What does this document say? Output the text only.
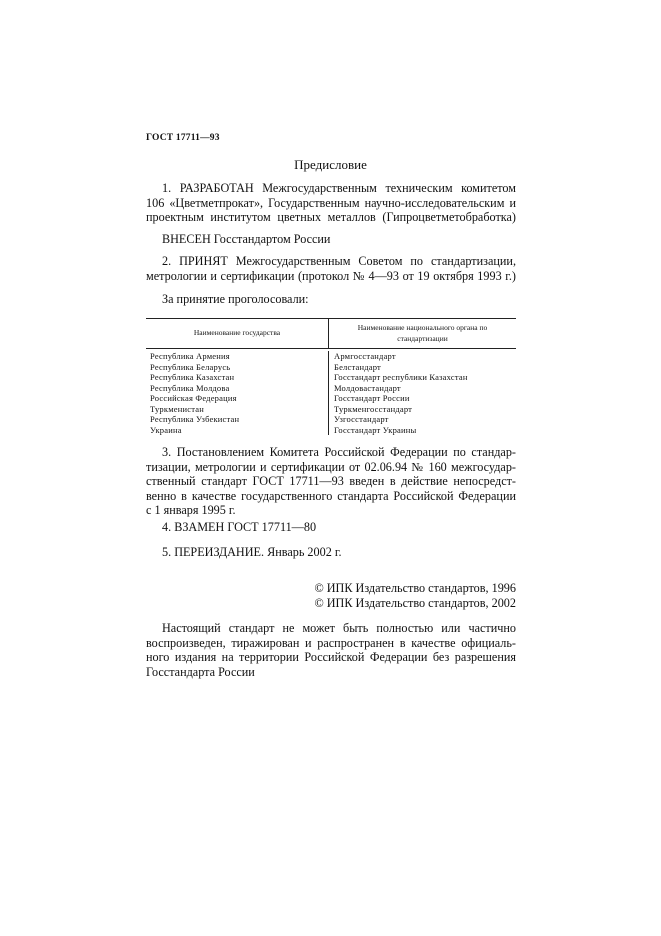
ГОСТ 17711—93
Предисловие
1. РАЗРАБОТАН Межгосударственным техническим комитетом
106 «Цветметпрокат», Государственным научно-исследовательским и
проектным институтом цветных металлов (Гипроцветметобработка)
ВНЕСЕН Госстандартом России
2. ПРИНЯТ Межгосударственным Советом по стандартизации,
метрологии и сертификации (протокол № 4—93 от 19 октября 1993 г.)
За принятие проголосовали:
Наименование государства
Наименование национального органа по стандартизации
Республика Армения
Республика Беларусь
Республика Казахстан
Республика Молдова
Российская Федерация
Туркменистан
Республика Узбекистан
Украина
Армгосстандарт
Белстандарт
Госстандарт республики Казахстан
Молдовастандарт
Госстандарт России
Туркменгосстандарт
Узгосстандарт
Госстандарт Украины
3. Постановлением Комитета Российской Федерации по стандар-
тизации, метрологии и сертификации от 02.06.94 № 160 межгосудар-
ственный стандарт ГОСТ 17711—93 введен в действие непосредст-
венно в качестве государственного стандарта Российской Федерации
с 1 января 1995 г.
4. ВЗАМЕН ГОСТ 17711—80
5. ПЕРЕИЗДАНИЕ. Январь 2002 г.
© ИПК Издательство стандартов, 1996
© ИПК Издательство стандартов, 2002
Настоящий стандарт не может быть полностью или частично
воспроизведен, тиражирован и распространен в качестве официаль-
ного издания на территории Российской Федерации без разрешения
Госстандарта России
